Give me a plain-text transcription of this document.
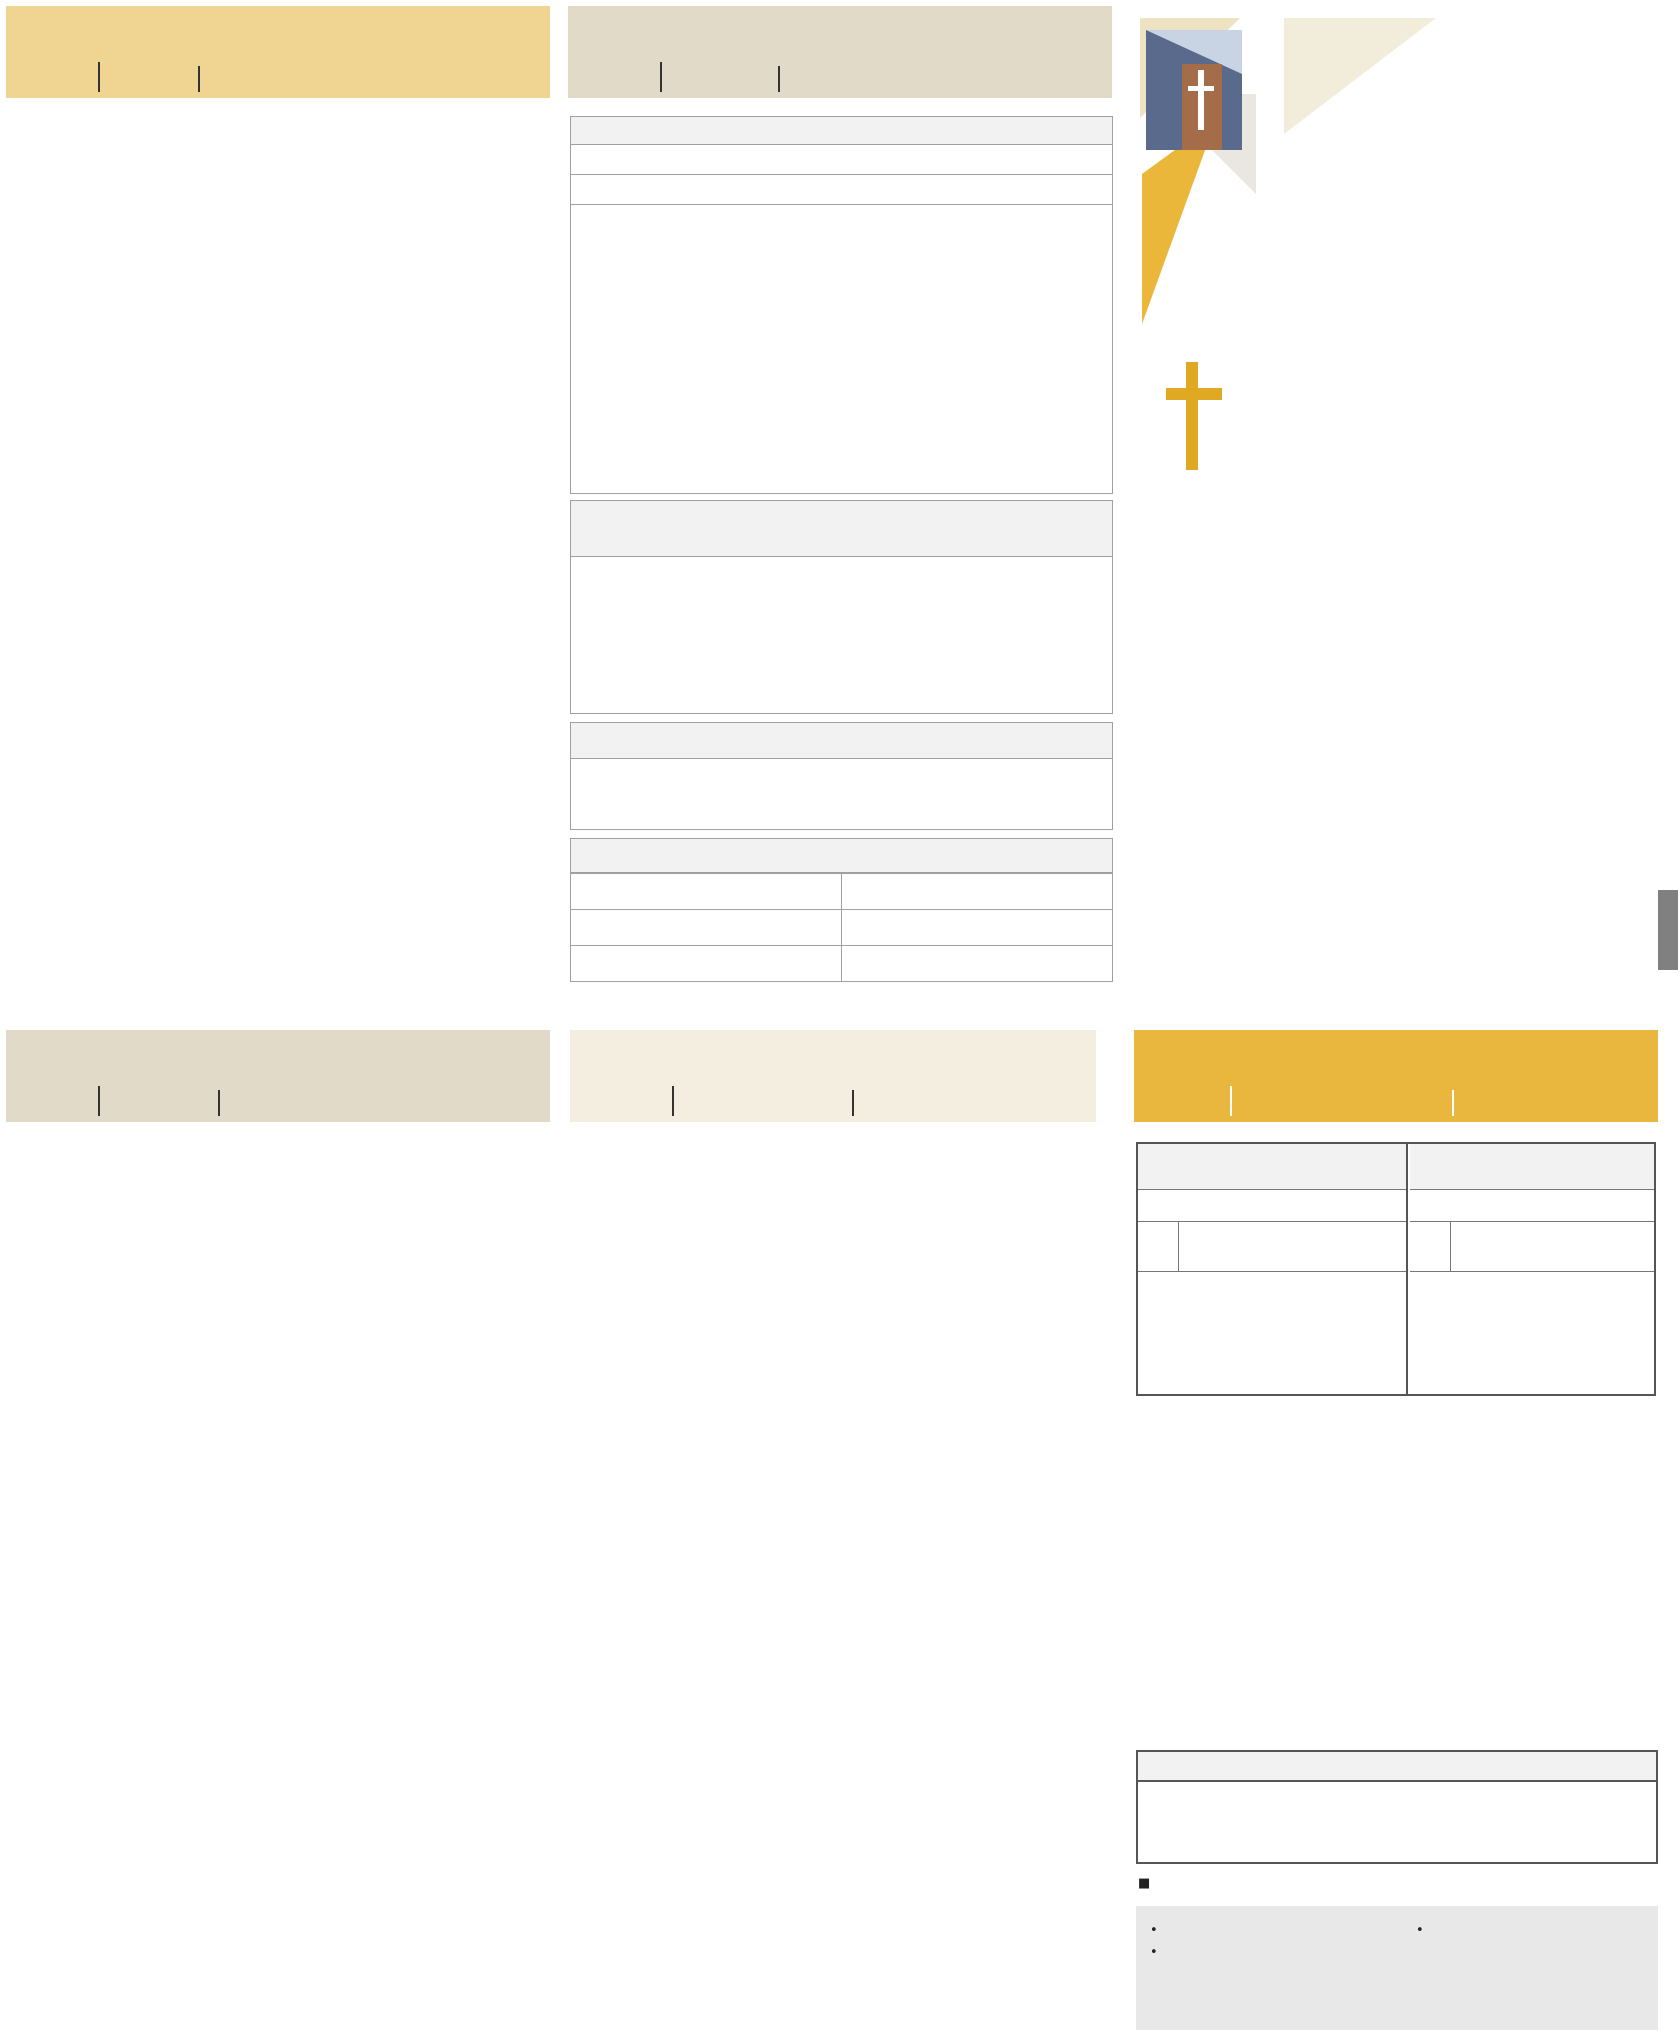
■
•	•
•
